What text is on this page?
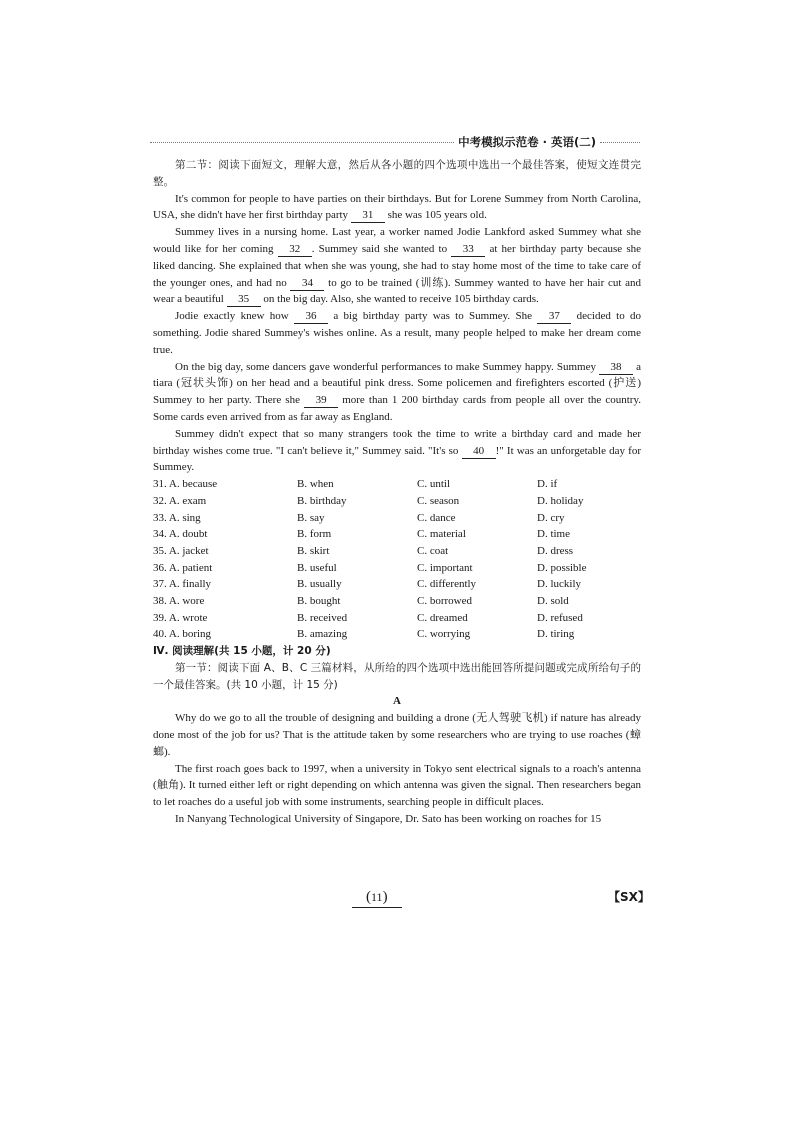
中考模拟示范卷 · 英语(二)

第二节：阅读下面短文，理解大意，然后从各小题的四个选项中选出一个最佳答案，使短文连贯完整。

It's common for people to have parties on their birthdays. But for Lorene Summey from North Carolina, USA, she didn't have her first birthday party 31 she was 105 years old.

Summey lives in a nursing home. Last year, a worker named Jodie Lankford asked Summey what she would like for her coming 32 . Summey said she wanted to 33 at her birthday party because she liked dancing. She explained that when she was young, she had to stay home most of the time to take care of the younger ones, and had no 34 to go to be trained (训练). Summey wanted to have her hair cut and wear a beautiful 35 on the big day. Also, she wanted to receive 105 birthday cards.

Jodie exactly knew how 36 a big birthday party was to Summey. She 37 decided to do something. Jodie shared Summey's wishes online. As a result, many people helped to make her dream come true.

On the big day, some dancers gave wonderful performances to make Summey happy. Summey 38 a tiara (冠状头饰) on her head and a beautiful pink dress. Some policemen and firefighters escorted (护送) Summey to her party. There she 39 more than 1 200 birthday cards from people all over the country. Some cards even arrived from as far away as England.

Summey didn't expect that so many strangers took the time to write a birthday card and made her birthday wishes come true. "I can't believe it," Summey said. "It's so 40 !" It was an unforgetable day for Summey.

31. A. because	B. when	C. until	D. if
32. A. exam	B. birthday	C. season	D. holiday
33. A. sing	B. say	C. dance	D. cry
34. A. doubt	B. form	C. material	D. time
35. A. jacket	B. skirt	C. coat	D. dress
36. A. patient	B. useful	C. important	D. possible
37. A. finally	B. usually	C. differently	D. luckily
38. A. wore	B. bought	C. borrowed	D. sold
39. A. wrote	B. received	C. dreamed	D. refused
40. A. boring	B. amazing	C. worrying	D. tiring

Ⅳ. 阅读理解(共 15 小题，计 20 分)

第一节：阅读下面 A、B、C 三篇材料，从所给的四个选项中选出能回答所提问题或完成所给句子的一个最佳答案。(共 10 小题，计 15 分)

A

Why do we go to all the trouble of designing and building a drone (无人驾驶飞机) if nature has already done most of the job for us? That is the attitude taken by some researchers who are trying to use roaches (蟑螂).

The first roach goes back to 1997, when a university in Tokyo sent electrical signals to a roach's antenna (触角). It turned either left or right depending on which antenna was given the signal. Then researchers began to let roaches do a useful job with some instruments, searching people in difficult places.

In Nanyang Technological University of Singapore, Dr. Sato has been working on roaches for 15

(11)	【SX】
